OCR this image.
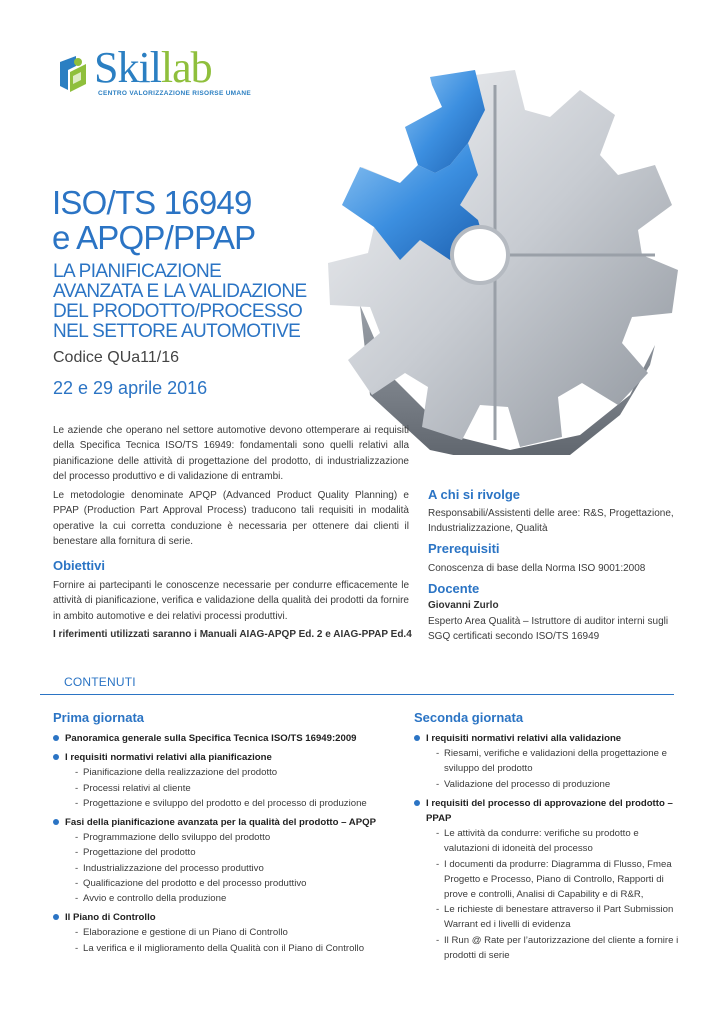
Skillab
CENTRO VALORIZZAZIONE RISORSE UMANE
ISO/TS 16949
e APQP/PPAP
LA PIANIFICAZIONE
AVANZATA E LA VALIDAZIONE
DEL PRODOTTO/PROCESSO
NEL SETTORE AUTOMOTIVE
Codice QUa11/16
22 e 29 aprile 2016

Le aziende che operano nel settore automotive devono ottemperare ai requisiti della Specifica Tecnica ISO/TS 16949: fondamentali sono quelli relativi alla pianificazione delle attività di progettazione del prodotto, di industrializzazione del processo produttivo e di validazione di entrambi.

Le metodologie denominate APQP (Advanced Product Quality Planning) e PPAP (Production Part Approval Process) traducono tali requisiti in modalità operative la cui corretta conduzione è necessaria per ottenere dai clienti il benestare alla fornitura di serie.

Obiettivi

Fornire ai partecipanti le conoscenze necessarie per condurre efficacemente le attività di pianificazione, verifica e validazione della qualità dei prodotti da fornire in ambito automotive e dei relativi processi produttivi.

I riferimenti utilizzati saranno i Manuali AIAG-APQP Ed. 2 e AIAG-PPAP Ed.4
A chi si rivolge
Responsabili/Assistenti delle aree: R&S, Progettazione, Industrializzazione, Qualità
Prerequisiti
Conoscenza di base della Norma ISO 9001:2008
Docente
Giovanni Zurlo
Esperto Area Qualità – Istruttore di auditor interni sugli SGQ certificati secondo ISO/TS 16949
CONTENUTI
Prima giornata	Seconda giornata
Panoramica generale sulla Specifica Tecnica ISO/TS 16949:2009
I requisiti normativi relativi alla pianificazione
- Pianificazione della realizzazione del prodotto
- Processi relativi al cliente
- Progettazione e sviluppo del prodotto e del processo di produzione
Fasi della pianificazione avanzata per la qualità del prodotto – APQP
- Programmazione dello sviluppo del prodotto
- Progettazione del prodotto
- Industrializzazione del processo produttivo
- Qualificazione del prodotto e del processo produttivo
- Avvio e controllo della produzione
Il Piano di Controllo
- Elaborazione e gestione di un Piano di Controllo
- La verifica e il miglioramento della Qualità con il Piano di Controllo
I requisiti normativi relativi alla validazione
- Riesami, verifiche e validazioni della progettazione e sviluppo del prodotto
- Validazione del processo di produzione
I requisiti del processo di approvazione del prodotto – PPAP
- Le attività da condurre: verifiche su prodotto e valutazioni di idoneità del processo
- I documenti da produrre: Diagramma di Flusso, Fmea Progetto e Processo, Piano di Controllo, Rapporti di prove e controlli, Analisi di Capability e di R&R,
- Le richieste di benestare attraverso il Part Submission Warrant ed i livelli di evidenza
- Il Run @ Rate per l’autorizzazione del cliente a fornire i prodotti di serie
